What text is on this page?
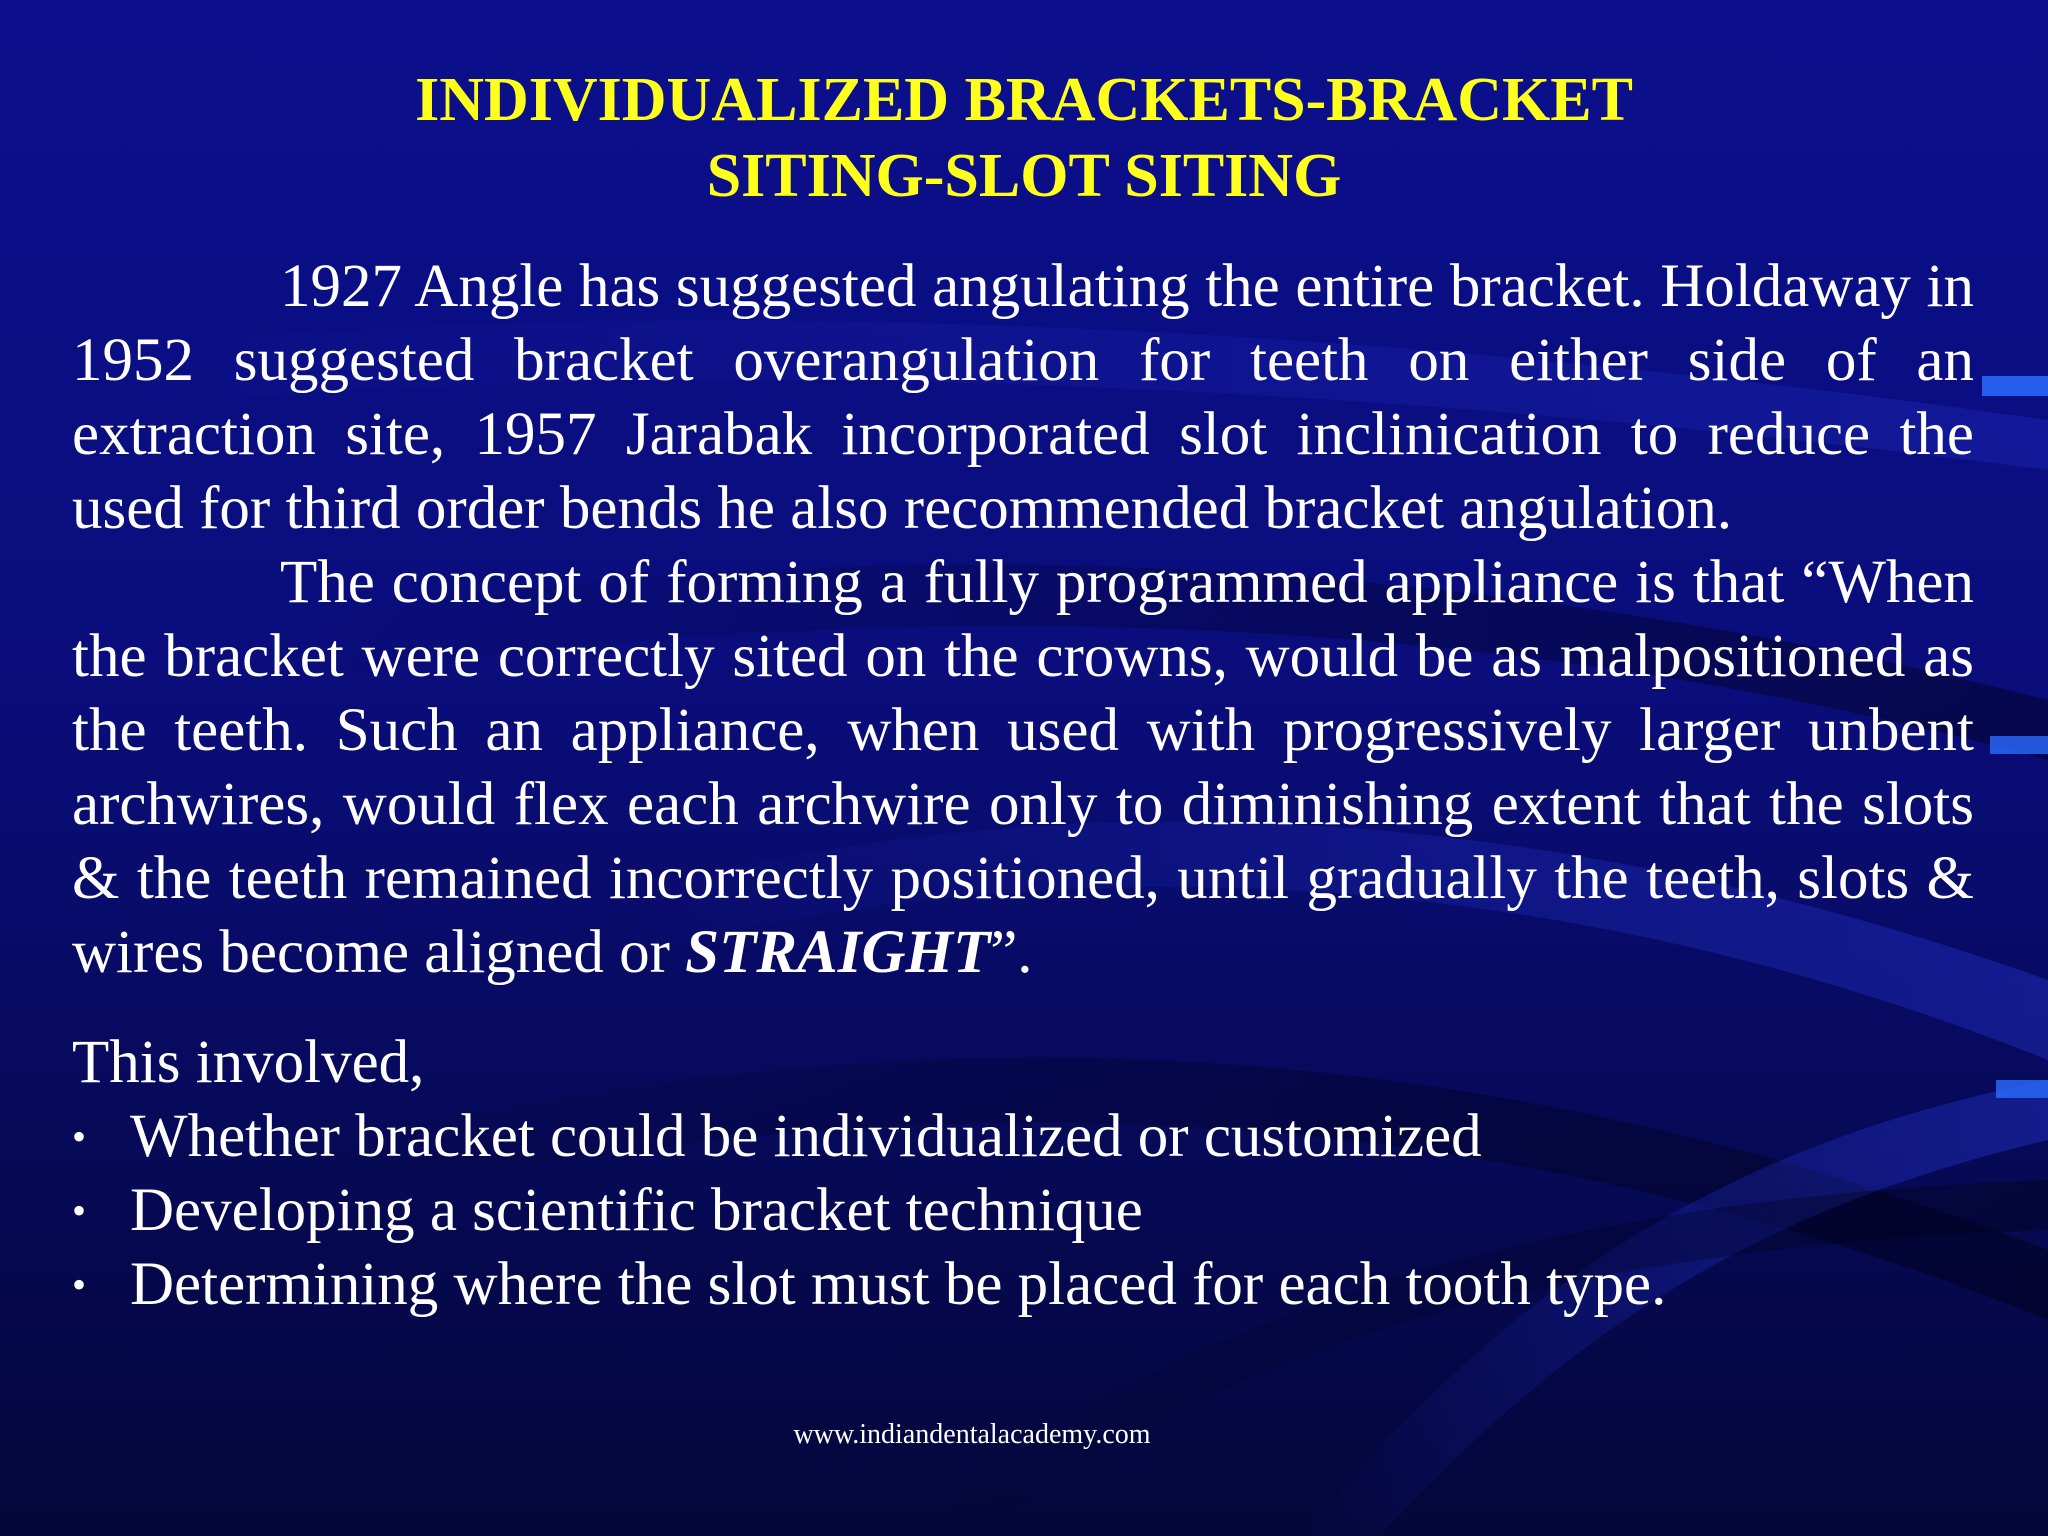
INDIVIDUALIZED BRACKETS-BRACKET
SITING-SLOT SITING

1927 Angle has suggested angulating the entire bracket. Holdaway in 1952 suggested bracket overangulation for teeth on either side of an extraction site, 1957 Jarabak incorporated slot inclinication to reduce the used for third order bends he also recommended bracket angulation.

The concept of forming a fully programmed appliance is that “When the bracket were correctly sited on the crowns, would be as malpositioned as the teeth. Such an appliance, when used with progressively larger unbent archwires, would flex each archwire only to diminishing extent that the slots & the teeth remained incorrectly positioned, until gradually the teeth, slots & wires become aligned or STRAIGHT”.

This involved,

• Whether bracket could be individualized or customized
• Developing a scientific bracket technique
• Determining where the slot must be placed for each tooth type.
www.indiandentalacademy.com
